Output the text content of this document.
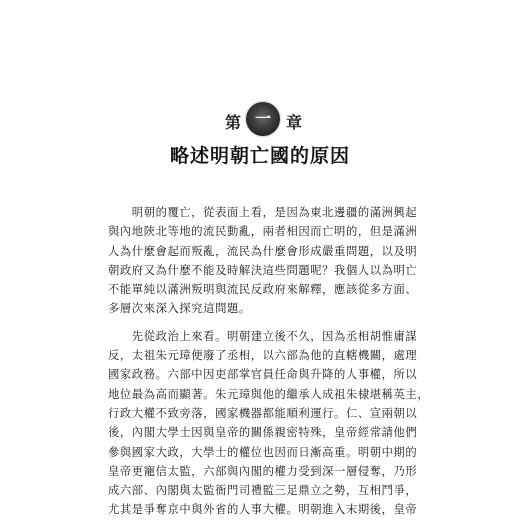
第 一 章
略述明朝亡國的原因
　　明朝的覆亡，從表面上看，是因為東北邊疆的滿洲興起
與內地陝北等地的流民動亂，兩者相因而亡明的，但是滿洲
人為什麼會起而叛亂，流民為什麼會形成嚴重問題，以及明
朝政府又為什麼不能及時解決這些問題呢？我個人以為明亡
不能單純以滿洲叛明與流民反政府來解釋，應該從多方面、
多層次來深入探究這問題。
　　先從政治上來看。明朝建立後不久，因為丞相胡惟庸謀
反，太祖朱元璋便廢了丞相，以六部為他的直轄機關，處理
國家政務。六部中因吏部掌官員任命與升降的人事權，所以
地位最為高而顯著。朱元璋與他的繼承人成祖朱棣堪稱英主，
行政大權不致旁落，國家機器都能順利運行。仁、宣兩朝以
後，內閣大學士因與皇帝的關係親密特殊，皇帝經常請他們
參與國家大政，大學士的權位也因而日漸高重。明朝中期的
皇帝更寵信太監，六部與內閣的權力受到深一層侵奪，乃形
成六部、內閣與太監衙門司禮監三足鼎立之勢，互相鬥爭，
尤其是爭奪京中與外省的人事大權。明朝進入末期後，皇帝
